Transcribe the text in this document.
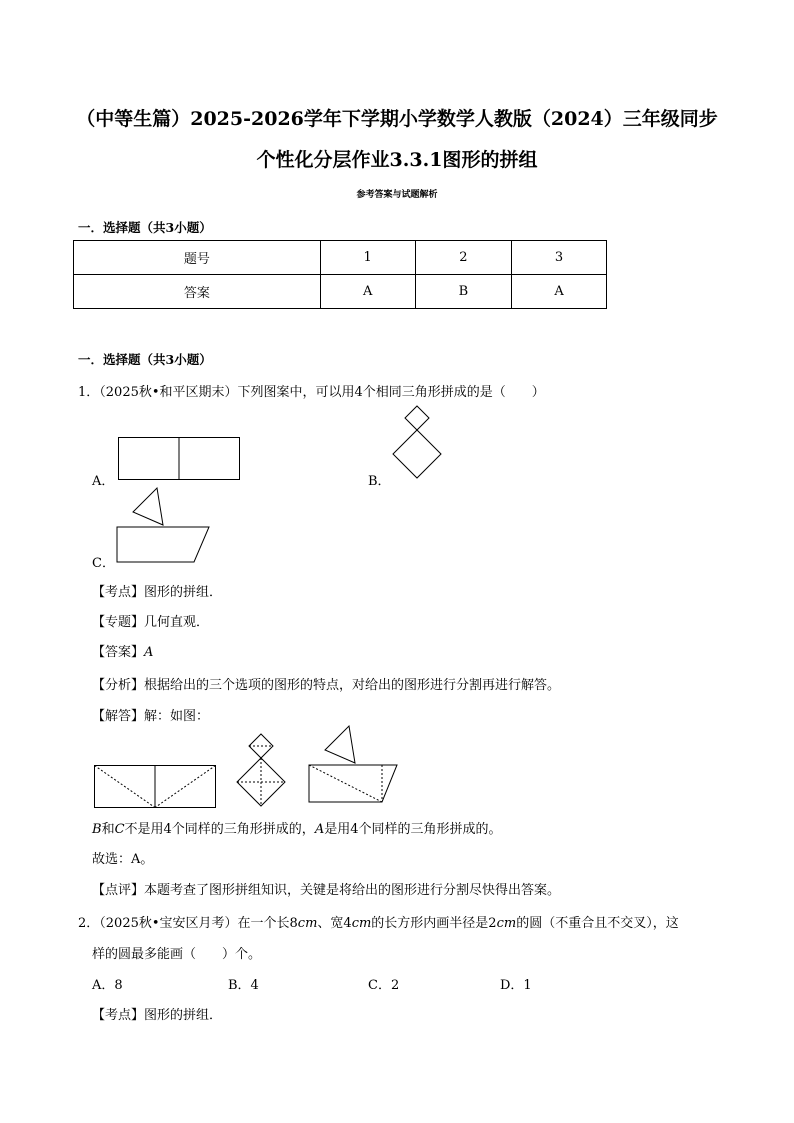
（中等生篇）2025-2026学年下学期小学数学人教版（2024）三年级同步
个性化分层作业3.3.1图形的拼组
参考答案与试题解析
一．选择题（共3小题）
题号	1	2	3
答案	A	B	A
一．选择题（共3小题）
1．（2025秋•和平区期末）下列图案中，可以用4个相同三角形拼成的是（　　）
A．	B．
C．
【考点】图形的拼组．
【专题】几何直观．
【答案】A
【分析】根据给出的三个选项的图形的特点，对给出的图形进行分割再进行解答。
【解答】解：如图：
B和C不是用4个同样的三角形拼成的，A是用4个同样的三角形拼成的。
故选：A。
【点评】本题考查了图形拼组知识，关键是将给出的图形进行分割尽快得出答案。
2．（2025秋•宝安区月考）在一个长8cm、宽4cm的长方形内画半径是2cm的圆（不重合且不交叉），这
样的圆最多能画（　　）个。
A．8	B．4	C．2	D．1
【考点】图形的拼组．
